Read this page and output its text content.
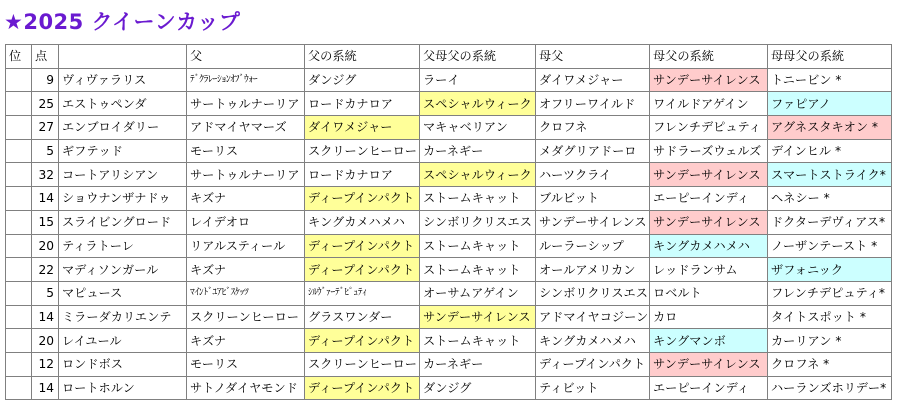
★2025 クイーンカップ
位	点		父	父の系統	父母父の系統	母父	母父の系統	母母父の系統
	9	ヴィヴァラリス	ﾃﾞｸﾗﾚｰｼｮﾝｵﾌﾞｳｫｰ	ダンジグ	ラーイ	ダイワメジャー	サンデーサイレンス	トニービン *
	25	エストゥペンダ	サートゥルナーリア	ロードカナロア	スペシャルウィーク	オフリーワイルド	ワイルドアゲイン	ファピアノ
	27	エンブロイダリー	アドマイヤマーズ	ダイワメジャー	マキャベリアン	クロフネ	フレンチデピュティ	アグネスタキオン *
	5	ギフテッド	モーリス	スクリーンヒーロー	カーネギー	メダグリアドーロ	サドラーズウェルズ	デインヒル *
	32	コートアリシアン	サートゥルナーリア	ロードカナロア	スペシャルウィーク	ハーツクライ	サンデーサイレンス	スマートストライク*
	14	ショウナンザナドゥ	キズナ	ディープインパクト	ストームキャット	ブルビット	エーピーインディ	ヘネシー *
	15	スライビングロード	レイデオロ	キングカメハメハ	シンボリクリスエス	サンデーサイレンス	サンデーサイレンス	ドクターデヴィアス*
	20	ティラトーレ	リアルスティール	ディープインパクト	ストームキャット	ルーラーシップ	キングカメハメハ	ノーザンテースト *
	22	マディソンガール	キズナ	ディープインパクト	ストームキャット	オールアメリカン	レッドランサム	ザフォニック
	5	マピュース	ﾏｲﾝﾄﾞﾕｱﾋﾞｽｹｯﾂ	ｼﾙｳﾞｧｰﾃﾞﾋﾟｭﾃｨ	オーサムアゲイン	シンボリクリスエス	ロベルト	フレンチデピュティ*
	14	ミラーダカリエンテ	スクリーンヒーロー	グラスワンダー	サンデーサイレンス	アドマイヤコジーン	カロ	タイトスポット *
	20	レイユール	キズナ	ディープインパクト	ストームキャット	キングカメハメハ	キングマンボ	カーリアン *
	12	ロンドボス	モーリス	スクリーンヒーロー	カーネギー	ディープインパクト	サンデーサイレンス	クロフネ *
	14	ロートホルン	サトノダイヤモンド	ディープインパクト	ダンジグ	ティビット	エーピーインディ	ハーランズホリデー*
